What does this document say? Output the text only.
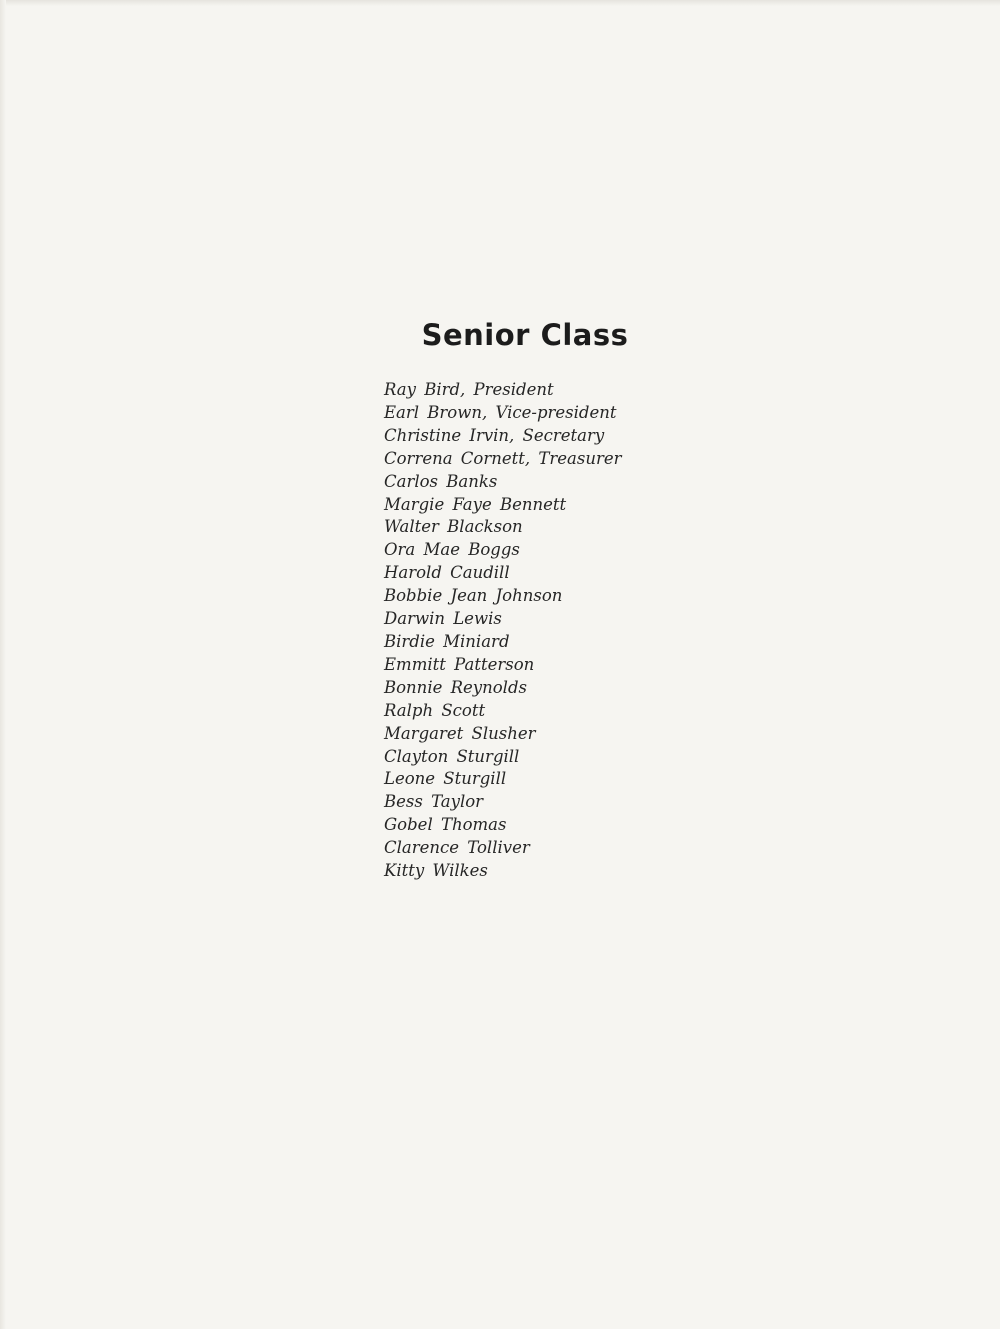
Senior Class
Ray Bird, President
Earl Brown, Vice-president
Christine Irvin, Secretary
Correna Cornett, Treasurer
Carlos Banks
Margie Faye Bennett
Walter Blackson
Ora Mae Boggs
Harold Caudill
Bobbie Jean Johnson
Darwin Lewis
Birdie Miniard
Emmitt Patterson
Bonnie Reynolds
Ralph Scott
Margaret Slusher
Clayton Sturgill
Leone Sturgill
Bess Taylor
Gobel Thomas
Clarence Tolliver
Kitty Wilkes
